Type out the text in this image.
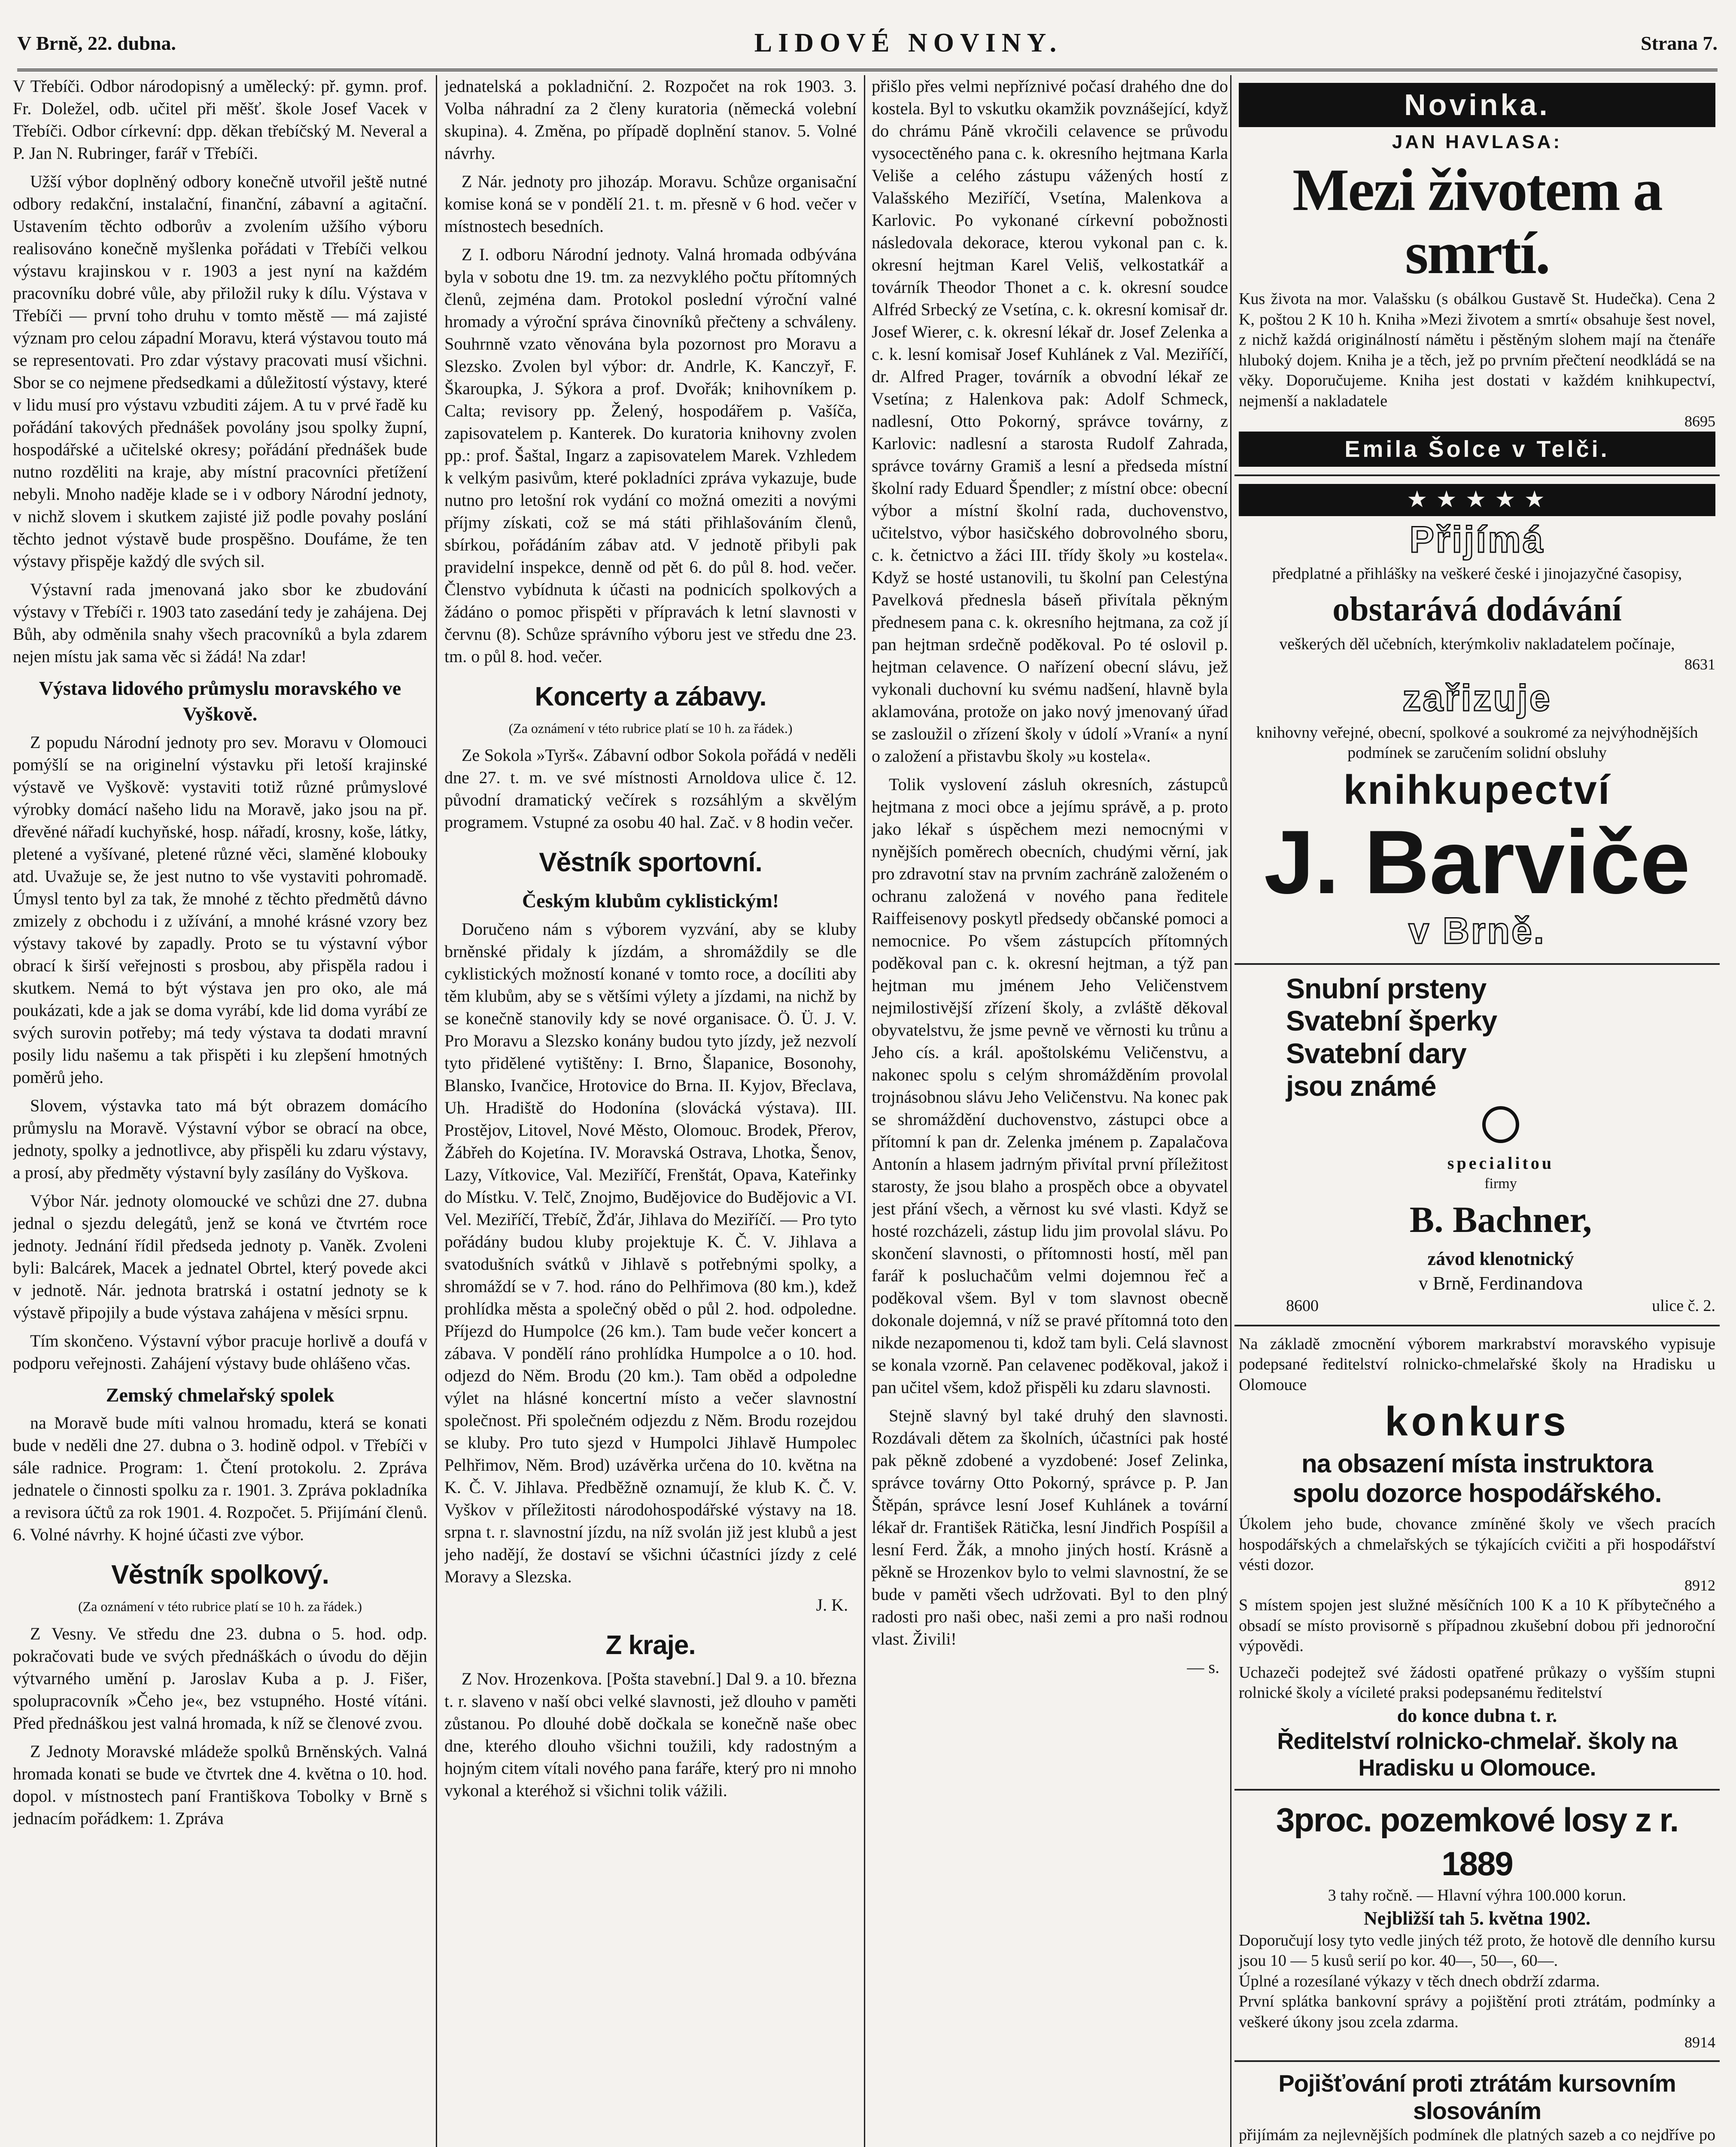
V Brně, 22. dubna.	LIDOVÉ NOVINY.	Strana 7.

V Třebíči. Odbor národopisný a umělecký: př. gymn. prof. Fr. Doležel, odb. učitel při měšť. škole Josef Vacek v Třebíči. Odbor církevní: dpp. děkan třebíčský M. Neveral a P. Jan N. Rubringer, farář v Třebíči.

Užší výbor doplněný odbory konečně utvořil ještě nutné odbory redakční, instalační, finanční, zábavní a agitační. Ustavením těchto odborův a zvolením užšího výboru realisováno konečně myšlenka pořádati v Třebíči velkou výstavu krajinskou v r. 1903 a jest nyní na každém pracovníku dobré vůle, aby přiložil ruky k dílu. Výstava v Třebíči — první toho druhu v tomto městě — má zajisté význam pro celou západní Moravu, která výstavou touto má se representovati. Pro zdar výstavy pracovati musí všichni. Sbor se co nejmene předsedkami a důležitostí výstavy, které v lidu musí pro výstavu vzbuditi zájem. A tu v prvé řadě ku pořádání takových přednášek povolány jsou spolky župní, hospodářské a učitelské okresy; pořádání přednášek bude nutno rozděliti na kraje, aby místní pracovníci přetížení nebyli. Mnoho naděje klade se i v odbory Národní jednoty, v nichž slovem i skutkem zajisté již podle povahy poslání těchto jednot výstavě bude prospěšno. Doufáme, že ten výstavy přispěje každý dle svých sil.

Výstavní rada jmenovaná jako sbor ke zbudování výstavy v Třebíči r. 1903 tato zasedání tedy je zahájena. Dej Bůh, aby odměnila snahy všech pracovníků a byla zdarem nejen místu jak sama věc si žádá! Na zdar!

Výstava lidového průmyslu moravského ve Vyškově.

Z popudu Národní jednoty pro sev. Moravu v Olomouci pomýšlí se na originelní výstavku při letoší krajinské výstavě ve Vyškově: vystaviti totiž různé průmyslové výrobky domácí našeho lidu na Moravě, jako jsou na př. dřevěné nářadí kuchyňské, hosp. nářadí, krosny, koše, látky, pletené a vyšívané, pletené různé věci, slaměné klobouky atd. Uvažuje se, že jest nutno to vše vystaviti pohromadě. Úmysl tento byl za tak, že mnohé z těchto předmětů dávno zmizely z obchodu i z užívání, a mnohé krásné vzory bez výstavy takové by zapadly. Proto se tu výstavní výbor obrací k širší veřejnosti s prosbou, aby přispěla radou i skutkem. Nemá to být výstava jen pro oko, ale má poukázati, kde a jak se doma vyrábí, kde lid doma vyrábí ze svých surovin potřeby; má tedy výstava ta dodati mravní posily lidu našemu a tak přispěti i ku zlepšení hmotných poměrů jeho.

Slovem, výstavka tato má být obrazem domácího průmyslu na Moravě. Výstavní výbor se obrací na obce, jednoty, spolky a jednotlivce, aby přispěli ku zdaru výstavy, a prosí, aby předměty výstavní byly zasílány do Vyškova.

Výbor Nár. jednoty olomoucké ve schůzi dne 27. dubna jednal o sjezdu delegátů, jenž se koná ve čtvrtém roce jednoty. Jednání řídil předseda jednoty p. Vaněk. Zvoleni byli: Balcárek, Macek a jednatel Obrtel, který povede akci v jednotě. Nár. jednota bratrská i ostatní jednoty se k výstavě připojily a bude výstava zahájena v měsíci srpnu.

Tím skončeno. Výstavní výbor pracuje horlivě a doufá v podporu veřejnosti. Zahájení výstavy bude ohlášeno včas.

Zemský chmelařský spolek

na Moravě bude míti valnou hromadu, která se konati bude v neděli dne 27. dubna o 3. hodině odpol. v Třebíči v sále radnice. Program: 1. Čtení protokolu. 2. Zpráva jednatele o činnosti spolku za r. 1901. 3. Zpráva pokladníka a revisora účtů za rok 1901. 4. Rozpočet. 5. Přijímání členů. 6. Volné návrhy. K hojné účasti zve výbor.

Věstník spolkový.
(Za oznámení v této rubrice platí se 10 h. za řádek.)

Z Vesny. Ve středu dne 23. dubna o 5. hod. odp. pokračovati bude ve svých přednáškách o úvodu do dějin výtvarného umění p. Jaroslav Kuba a p. J. Fišer, spolupracovník »Čeho je«, bez vstupného. Hosté vítáni. Před přednáškou jest valná hromada, k níž se členové zvou.

Z Jednoty Moravské mládeže spolků Brněnských. Valná hromada konati se bude ve čtvrtek dne 4. května o 10. hod. dopol. v místnostech paní Františkova Tobolky v Brně s jednacím pořádkem: 1. Zpráva

jednatelská a pokladniční. 2. Rozpočet na rok 1903. 3. Volba náhradní za 2 členy kuratoria (německá volební skupina). 4. Změna, po případě doplnění stanov. 5. Volné návrhy.

Z Nár. jednoty pro jihozáp. Moravu. Schůze organisační komise koná se v pondělí 21. t. m. přesně v 6 hod. večer v místnostech besedních.

Z I. odboru Národní jednoty. Valná hromada odbývána byla v sobotu dne 19. tm. za nezvyklého počtu přítomných členů, zejména dam. Protokol poslední výroční valné hromady a výroční správa činovníků přečteny a schváleny. Souhrnně vzato věnována byla pozornost pro Moravu a Slezsko. Zvolen byl výbor: dr. Andrle, K. Kanczyř, F. Škaroupka, J. Sýkora a prof. Dvořák; knihovníkem p. Calta; revisory pp. Želený, hospodářem p. Vašíča, zapisovatelem p. Kanterek. Do kuratoria knihovny zvolen pp.: prof. Šaštal, Ingarz a zapisovatelem Marek. Vzhledem k velkým pasivům, které pokladníci zpráva vykazuje, bude nutno pro letošní rok vydání co možná omeziti a novými příjmy získati, což se má státi přihlašováním členů, sbírkou, pořádáním zábav atd. V jednotě přibyli pak pravidelní inspekce, denně od pět 6. do půl 8. hod. večer. Členstvo vybídnuta k účasti na podnicích spolkových a žádáno o pomoc přispěti v přípravách k letní slavnosti v červnu (8). Schůze správního výboru jest ve středu dne 23. tm. o půl 8. hod. večer.

Koncerty a zábavy.
(Za oznámení v této rubrice platí se 10 h. za řádek.)

Ze Sokola »Tyrš«. Zábavní odbor Sokola pořádá v neděli dne 27. t. m. ve své místnosti Arnoldova ulice č. 12. původní dramatický večírek s rozsáhlým a skvělým programem. Vstupné za osobu 40 hal. Zač. v 8 hodin večer.

Věstník sportovní.
Českým klubům cyklistickým!

Doručeno nám s výborem vyzvání, aby se kluby brněnské přidaly k jízdám, a shromáždily se dle cyklistických možností konané v tomto roce, a docíliti aby těm klubům, aby se s většími výlety a jízdami, na nichž by se konečně stanovily kdy se nové organisace. Ö. Ü. J. V. Pro Moravu a Slezsko konány budou tyto jízdy, jež nezvolí tyto přidělené vytištěny: I. Brno, Šlapanice, Bosonohy, Blansko, Ivančice, Hrotovice do Brna. II. Kyjov, Břeclava, Uh. Hradiště do Hodonína (slovácká výstava). III. Prostějov, Litovel, Nové Město, Olomouc. Brodek, Přerov, Žábřeh do Kojetína. IV. Moravská Ostrava, Lhotka, Šenov, Lazy, Vítkovice, Val. Meziříčí, Frenštát, Opava, Kateřinky do Místku. V. Telč, Znojmo, Budějovice do Budějovic a VI. Vel. Meziříčí, Třebíč, Žďár, Jihlava do Meziříčí. — Pro tyto pořádány budou kluby projektuje K. Č. V. Jihlava a svatodušních svátků v Jihlavě s potřebnými spolky, a shromáždí se v 7. hod. ráno do Pelhřimova (80 km.), kdež prohlídka města a společný oběd o půl 2. hod. odpoledne. Příjezd do Humpolce (26 km.). Tam bude večer koncert a zábava. V pondělí ráno prohlídka Humpolce a o 10. hod. odjezd do Něm. Brodu (20 km.). Tam oběd a odpoledne výlet na hlásné koncertní místo a večer slavnostní společnost. Při společném odjezdu z Něm. Brodu rozejdou se kluby. Pro tuto sjezd v Humpolci Jihlavě Humpolec Pelhřimov, Něm. Brod) uzávěrka určena do 10. května na K. Č. V. Jihlava. Předběžně oznamují, že klub K. Č. V. Vyškov v příležitosti národohospodářské výstavy na 18. srpna t. r. slavnostní jízdu, na níž svolán již jest klubů a jest jeho nadějí, že dostaví se všichni účastníci jízdy z celé Moravy a Slezska.

J. K.
Z kraje.

Z Nov. Hrozenkova. [Pošta stavební.] Dal 9. a 10. března t. r. slaveno v naší obci velké slavnosti, jež dlouho v paměti zůstanou. Po dlouhé době dočkala se konečně naše obec dne, kterého dlouho všichni toužili, kdy radostným a hojným citem vítali nového pana faráře, který pro ni mnoho vykonal a kteréhož si všichni tolik vážili.

přišlo přes velmi nepříznivé počasí drahého dne do kostela. Byl to vskutku okamžik povznášející, když do chrámu Páně vkročili celavence se průvodu vysocectěného pana c. k. okresního hejtmana Karla Veliše a celého zástupu vážených hostí z Valašského Meziříčí, Vsetína, Malenkova a Karlovic. Po vykonané církevní pobožnosti následovala dekorace, kterou vykonal pan c. k. okresní hejtman Karel Veliš, velkostatkář a továrník Theodor Thonet a c. k. okresní soudce Alfréd Srbecký ze Vsetína, c. k. okresní komisař dr. Josef Wierer, c. k. okresní lékař dr. Josef Zelenka a c. k. lesní komisař Josef Kuhlánek z Val. Meziříčí, dr. Alfred Prager, továrník a obvodní lékař ze Vsetína; z Halenkova pak: Adolf Schmeck, nadlesní, Otto Pokorný, správce továrny, z Karlovic: nadlesní a starosta Rudolf Zahrada, správce továrny Gramiš a lesní a předseda místní školní rady Eduard Špendler; z místní obce: obecní výbor a místní školní rada, duchovenstvo, učitelstvo, výbor hasičského dobrovolného sboru, c. k. četnictvo a žáci III. třídy školy »u kostela«. Když se hosté ustanovili, tu školní pan Celestýna Pavelková přednesla báseň přivítala pěkným přednesem pana c. k. okresního hejtmana, za což jí pan hejtman srdečně poděkoval. Po té oslovil p. hejtman celavence. O nařízení obecní slávu, jež vykonali duchovní ku svému nadšení, hlavně byla aklamována, protože on jako nový jmenovaný úřad se zasloužil o zřízení školy v údolí »Vraní« a nyní o založení a přistavbu školy »u kostela«.

Tolik vyslovení zásluh okresních, zástupců hejtmana z moci obce a jejímu správě, a p. proto jako lékař s úspěchem mezi nemocnými v nynějších poměrech obecních, chudými věrní, jak pro zdravotní stav na prvním zachráně založeném o ochranu založená v nového pana ředitele Raiffeisenovy poskytl předsedy občanské pomoci a nemocnice. Po všem zástupcích přítomných poděkoval pan c. k. okresní hejtman, a týž pan hejtman mu jménem Jeho Veličenstvem nejmilostivější zřízení školy, a zvláště děkoval obyvatelstvu, že jsme pevně ve věrnosti ku trůnu a Jeho cís. a král. apoštolskému Veličenstvu, a nakonec spolu s celým shromážděním provolal trojnásobnou slávu Jeho Veličenstvu. Na konec pak se shromáždění duchovenstvo, zástupci obce a přítomní k pan dr. Zelenka jménem p. Zapalačova Antonín a hlasem jadrným přivítal první příležitost starosty, že jsou blaho a prospěch obce a obyvatel jest přání všech, a věrnost ku své vlasti. Když se hosté rozcházeli, zástup lidu jim provolal slávu. Po skončení slavnosti, o přítomnosti hostí, měl pan farář k posluchačům velmi dojemnou řeč a poděkoval všem. Byl v tom slavnost obecně dokonale dojemná, v níž se pravé přítomná toto den nikde nezapomenou ti, kdož tam byli. Celá slavnost se konala vzorně. Pan celavenec poděkoval, jakož i pan učitel všem, kdož přispěli ku zdaru slavnosti.

Stejně slavný byl také druhý den slavnosti. Rozdávali dětem za školních, účastníci pak hosté pak pěkně zdobené a vyzdobené: Josef Zelinka, správce továrny Otto Pokorný, správce p. P. Jan Štěpán, správce lesní Josef Kuhlánek a tovární lékař dr. František Rätička, lesní Jindřich Pospíšil a lesní Ferd. Žák, a mnoho jiných hostí. Krásně a pěkně se Hrozenkov bylo to velmi slavnostní, že se bude v paměti všech udržovati. Byl to den plný radosti pro naši obec, naši zemi a pro naši rodnou vlast. Živili!

— s.
Novinka.
JAN HAVLASA:
Mezi životem a smrtí.
Kus života na mor. Valašsku (s obálkou Gustavě St. Hudečka). Cena 2 K, poštou 2 K 10 h. Kniha »Mezi životem a smrtí« obsahuje šest novel, z nichž každá originálností námětu i pěstěným slohem mají na čtenáře hluboký dojem. Kniha je a těch, jež po prvním přečtení neodkládá se na věky. Doporučujeme. Kniha jest dostati v každém knihkupectví, nejmenší a nakladatele
8695
Emila Šolce v Telči.
★ ★ ★ ★ ★
Přijímá
předplatné a přihlášky na veškeré české i jinojazyčné časopisy,
obstarává dodávání
veškerých děl učebních, kterýmkoliv nakladatelem počínaje,
8631
zařizuje
knihovny veřejné, obecní, spolkové a soukromé za nejvýhodnějších podmínek se zaručením solidní obsluhy
knihkupectví
J. Barviče
v Brně.
Snubní prsteny
Svatební šperky
Svatební dary
jsou známé
specialitou
firmy
B. Bachner,
závod klenotnický
v Brně, Ferdinandova
8600	ulice č. 2.
Na základě zmocnění výborem markrabství moravského vypisuje podepsané ředitelství rolnicko-chmelařské školy na Hradisku u Olomouce
konkurs
na obsazení místa instruktora
spolu dozorce hospodářského.
Úkolem jeho bude, chovance zmíněné školy ve všech pracích hospodářských a chmelařských se týkajících cvičiti a při hospodářství vésti dozor.
8912
S místem spojen jest služné měsíčních 100 K a 10 K příbytečného a obsadí se místo provisorně s případnou zkušební dobou při jednoroční výpovědi.
Uchazeči podejtež své žádosti opatřené průkazy o vyšším stupni rolnické školy a vícileté praksi podepsanému ředitelství
do konce dubna t. r.
Ředitelství rolnicko-chmelař. školy na Hradisku u Olomouce.
3proc. pozemkové losy z r. 1889
3 tahy ročně. — Hlavní výhra 100.000 korun.
Nejbližší tah 5. května 1902.
Doporučují losy tyto vedle jiných též proto, že hotově dle denního kursu jsou 10 — 5 kusů serií po kor. 40—, 50—, 60—.
Úplné a rozesílané výkazy v těch dnech obdrží zdarma.
První splátka bankovní správy a pojištění proti ztrátám, podmínky a veškeré úkony jsou zcela zdarma.
8914
Pojišťování proti ztrátám kursovním slosováním
přijímám za nejlevnějších podmínek dle platných sazeb a co nejdříve po
